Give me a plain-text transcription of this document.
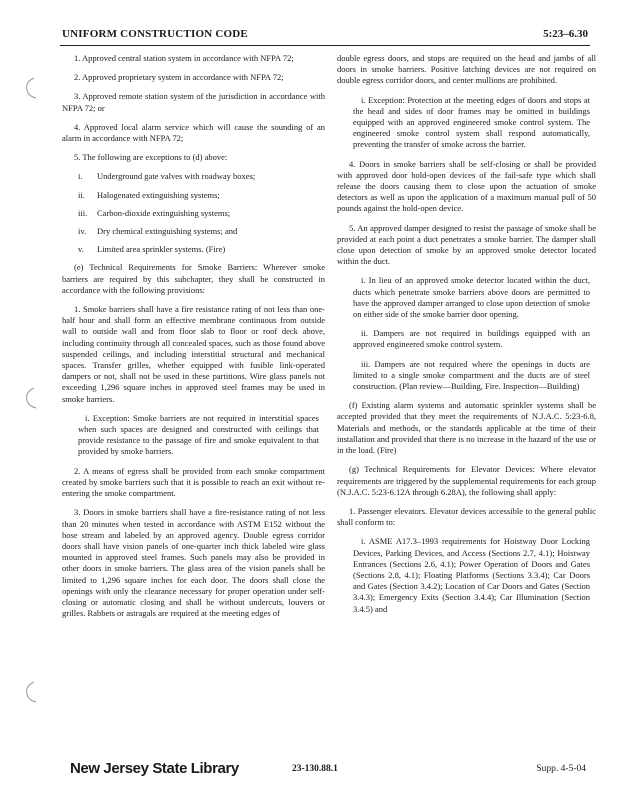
UNIFORM CONSTRUCTION CODE	5:23–6.30

1. Approved central station system in accordance with NFPA 72;

2. Approved proprietary system in accordance with NFPA 72;

3. Approved remote station system of the jurisdiction in accordance with NFPA 72; or

4. Approved local alarm service which will cause the sounding of an alarm in accordance with NFPA 72;

5. The following are exceptions to (d) above:

i. Underground gate valves with roadway boxes;

ii. Halogenated extinguishing systems;

iii. Carbon-dioxide extinguishing systems;

iv. Dry chemical extinguishing systems; and

v. Limited area sprinkler systems. (Fire)

(e) Technical Requirements for Smoke Barriers: Wherever smoke barriers are required by this subchapter, they shall be constructed in accordance with the following provisions:

1. Smoke barriers shall have a fire resistance rating of not less than one-half hour and shall form an effective membrane continuous from outside wall to outside wall and from floor slab to floor or roof deck above, including continuity through all concealed spaces, such as those found above suspended ceilings, and including interstitial structural and mechanical spaces. Transfer grilles, whether equipped with fusible link-operated dampers or not, shall not be used in these partitions. Wire glass panels not exceeding 1,296 square inches in approved steel frames may be used in smoke barriers.

i. Exception: Smoke barriers are not required in interstitial spaces when such spaces are designed and constructed with ceilings that provide resistance to the passage of fire and smoke equivalent to that provided by smoke barriers.

2. A means of egress shall be provided from each smoke compartment created by smoke barriers such that it is possible to reach an exit without re-entering the smoke compartment.

3. Doors in smoke barriers shall have a fire-resistance rating of not less than 20 minutes when tested in accordance with ASTM E152 without the hose stream and labeled by an approved agency. Double egress corridor doors shall have vision panels of one-quarter inch thick labeled wire glass mounted in approved steel frames. Such panels may also be provided in other doors in smoke barriers. The glass area of the vision panels shall be limited to 1,296 square inches for each door. The doors shall close the openings with only the clearance necessary for proper operation under self-closing or automatic closing and shall be without undercuts, louvers or grilles. Rabbets or astragals are required at the meeting edges of

double egress doors, and stops are required on the head and jambs of all doors in smoke barriers. Positive latching devices are not required on double egress corridor doors, and center mullions are prohibited.

i. Exception: Protection at the meeting edges of doors and stops at the head and sides of door frames may be omitted in buildings equipped with an approved engineered smoke control system. The engineered smoke control system shall respond automatically, preventing the transfer of smoke across the barrier.

4. Doors in smoke barriers shall be self-closing or shall be provided with approved door hold-open devices of the fail-safe type which shall release the doors causing them to close upon the actuation of smoke detectors as well as upon the application of a maximum manual pull of 50 pounds against the hold-open device.

5. An approved damper designed to resist the passage of smoke shall be provided at each point a duct penetrates a smoke barrier. The damper shall close upon detection of smoke by an approved smoke detector located within the duct.

i. In lieu of an approved smoke detector located within the duct, ducts which penetrate smoke barriers above doors are permitted to have the approved damper arranged to close upon detection of smoke on either side of the smoke barrier door opening.

ii. Dampers are not required in buildings equipped with an approved engineered smoke control system.

iii. Dampers are not required where the openings in ducts are limited to a single smoke compartment and the ducts are of steel construction. (Plan review—Building, Fire. Inspection—Building)

(f) Existing alarm systems and automatic sprinkler systems shall be accepted provided that they meet the requirements of N.J.A.C. 5:23-6.8, Materials and methods, or the standards applicable at the time of their installation and provided that there is no increase in the hazard of the use or in the load. (Fire)

(g) Technical Requirements for Elevator Devices: Where elevator requirements are triggered by the supplemental requirements for each group (N.J.A.C. 5:23-6.12A through 6.28A), the following shall apply:

1. Passenger elevators. Elevator devices accessible to the general public shall conform to:

i. ASME A17.3–1993 requirements for Hoistway Door Locking Devices, Parking Devices, and Access (Sections 2.7, 4.1); Hoistway Entrances (Sections 2.6, 4.1); Power Operation of Doors and Gates (Sections 2.8, 4.1); Floating Platforms (Sections 3.3.4); Car Doors and Gates (Section 3.4.2); Location of Car Doors and Gates (Section 3.4.3); Emergency Exits (Section 3.4.4); Car Illumination (Section 3.4.5) and

New Jersey State Library	23-130.88.1	Supp. 4-5-04
